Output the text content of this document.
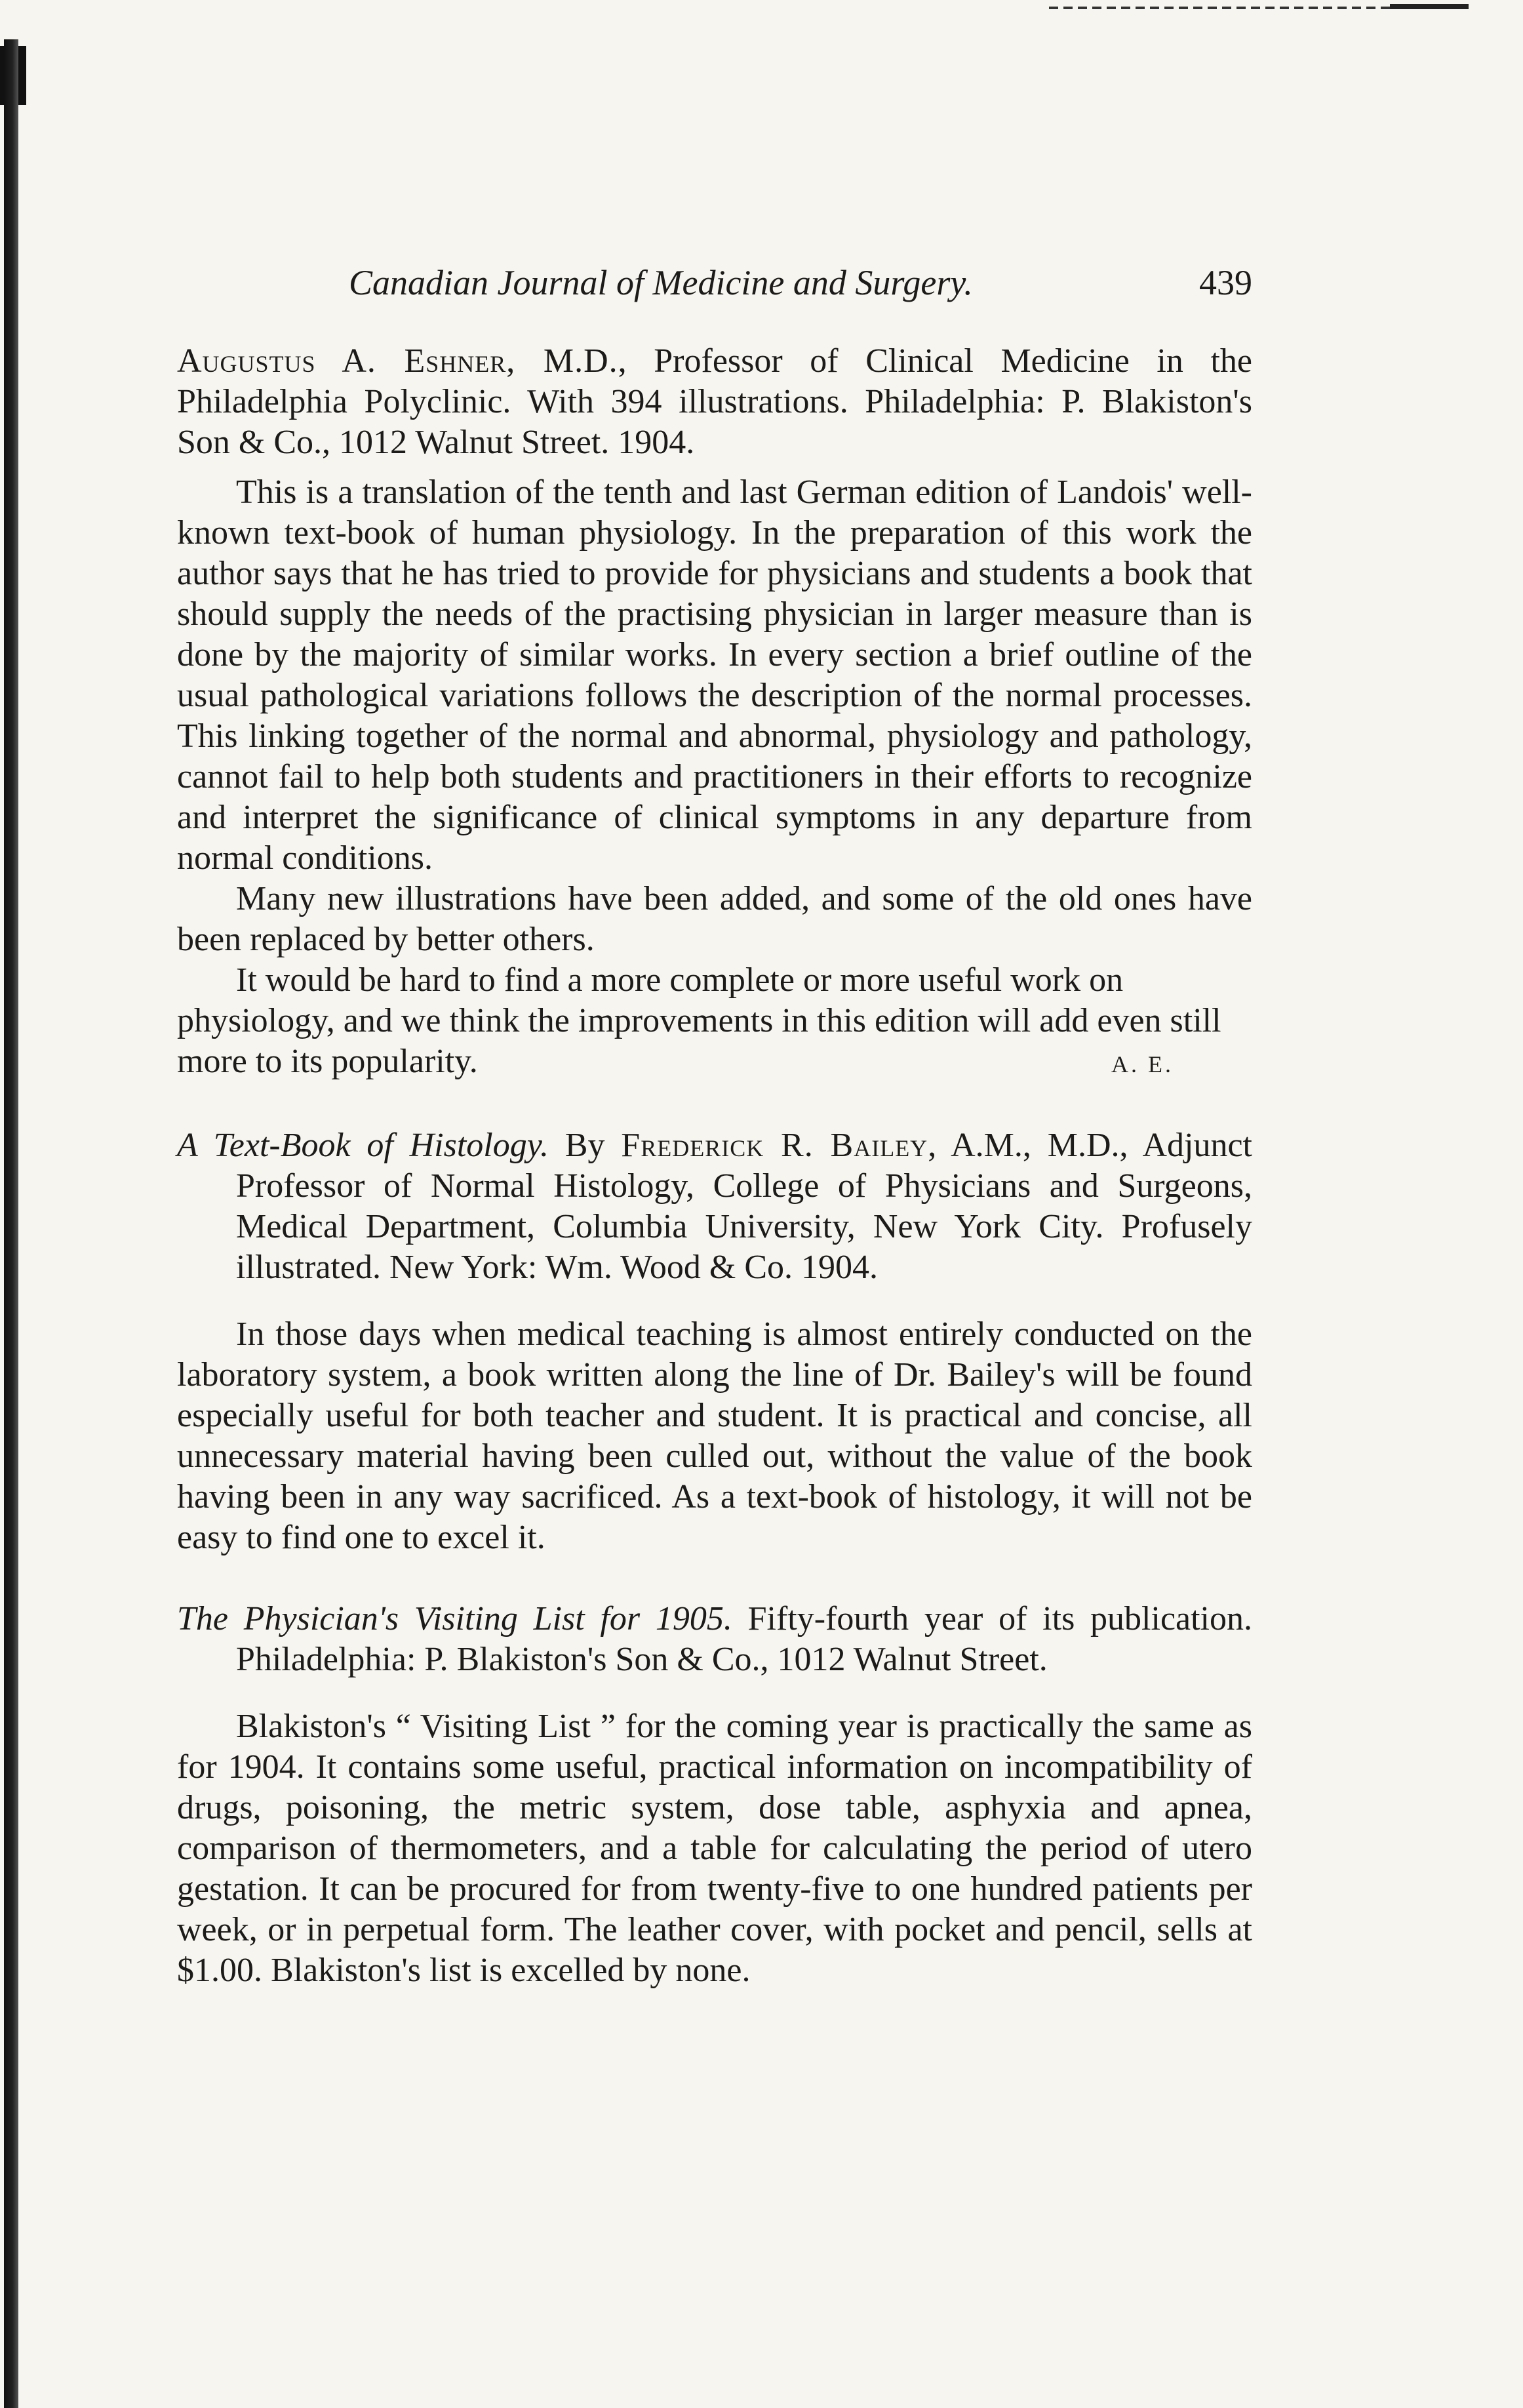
Canadian Journal of Medicine and Surgery.	439

Augustus A. Eshner, M.D., Professor of Clinical Medicine in the Philadelphia Polyclinic. With 394 illustrations. Philadelphia: P. Blakiston's Son & Co., 1012 Walnut Street. 1904.

This is a translation of the tenth and last German edition of Landois' well-known text-book of human physiology. In the preparation of this work the author says that he has tried to provide for physicians and students a book that should supply the needs of the practising physician in larger measure than is done by the majority of similar works. In every section a brief outline of the usual pathological variations follows the description of the normal processes. This linking together of the normal and abnormal, physiology and pathology, cannot fail to help both students and practitioners in their efforts to recognize and interpret the significance of clinical symptoms in any departure from normal conditions.

Many new illustrations have been added, and some of the old ones have been replaced by better others.

It would be hard to find a more complete or more useful work on physiology, and we think the improvements in this edition will add even still more to its popularity.	A. E.

A Text-Book of Histology. By Frederick R. Bailey, A.M., M.D., Adjunct Professor of Normal Histology, College of Physicians and Surgeons, Medical Department, Columbia University, New York City. Profusely illustrated. New York: Wm. Wood & Co. 1904.

In those days when medical teaching is almost entirely conducted on the laboratory system, a book written along the line of Dr. Bailey's will be found especially useful for both teacher and student. It is practical and concise, all unnecessary material having been culled out, without the value of the book having been in any way sacrificed. As a text-book of histology, it will not be easy to find one to excel it.

The Physician's Visiting List for 1905. Fifty-fourth year of its publication. Philadelphia: P. Blakiston's Son & Co., 1012 Walnut Street.

Blakiston's “ Visiting List ” for the coming year is practically the same as for 1904. It contains some useful, practical information on incompatibility of drugs, poisoning, the metric system, dose table, asphyxia and apnea, comparison of thermometers, and a table for calculating the period of utero gestation. It can be procured for from twenty-five to one hundred patients per week, or in perpetual form. The leather cover, with pocket and pencil, sells at $1.00. Blakiston's list is excelled by none.
